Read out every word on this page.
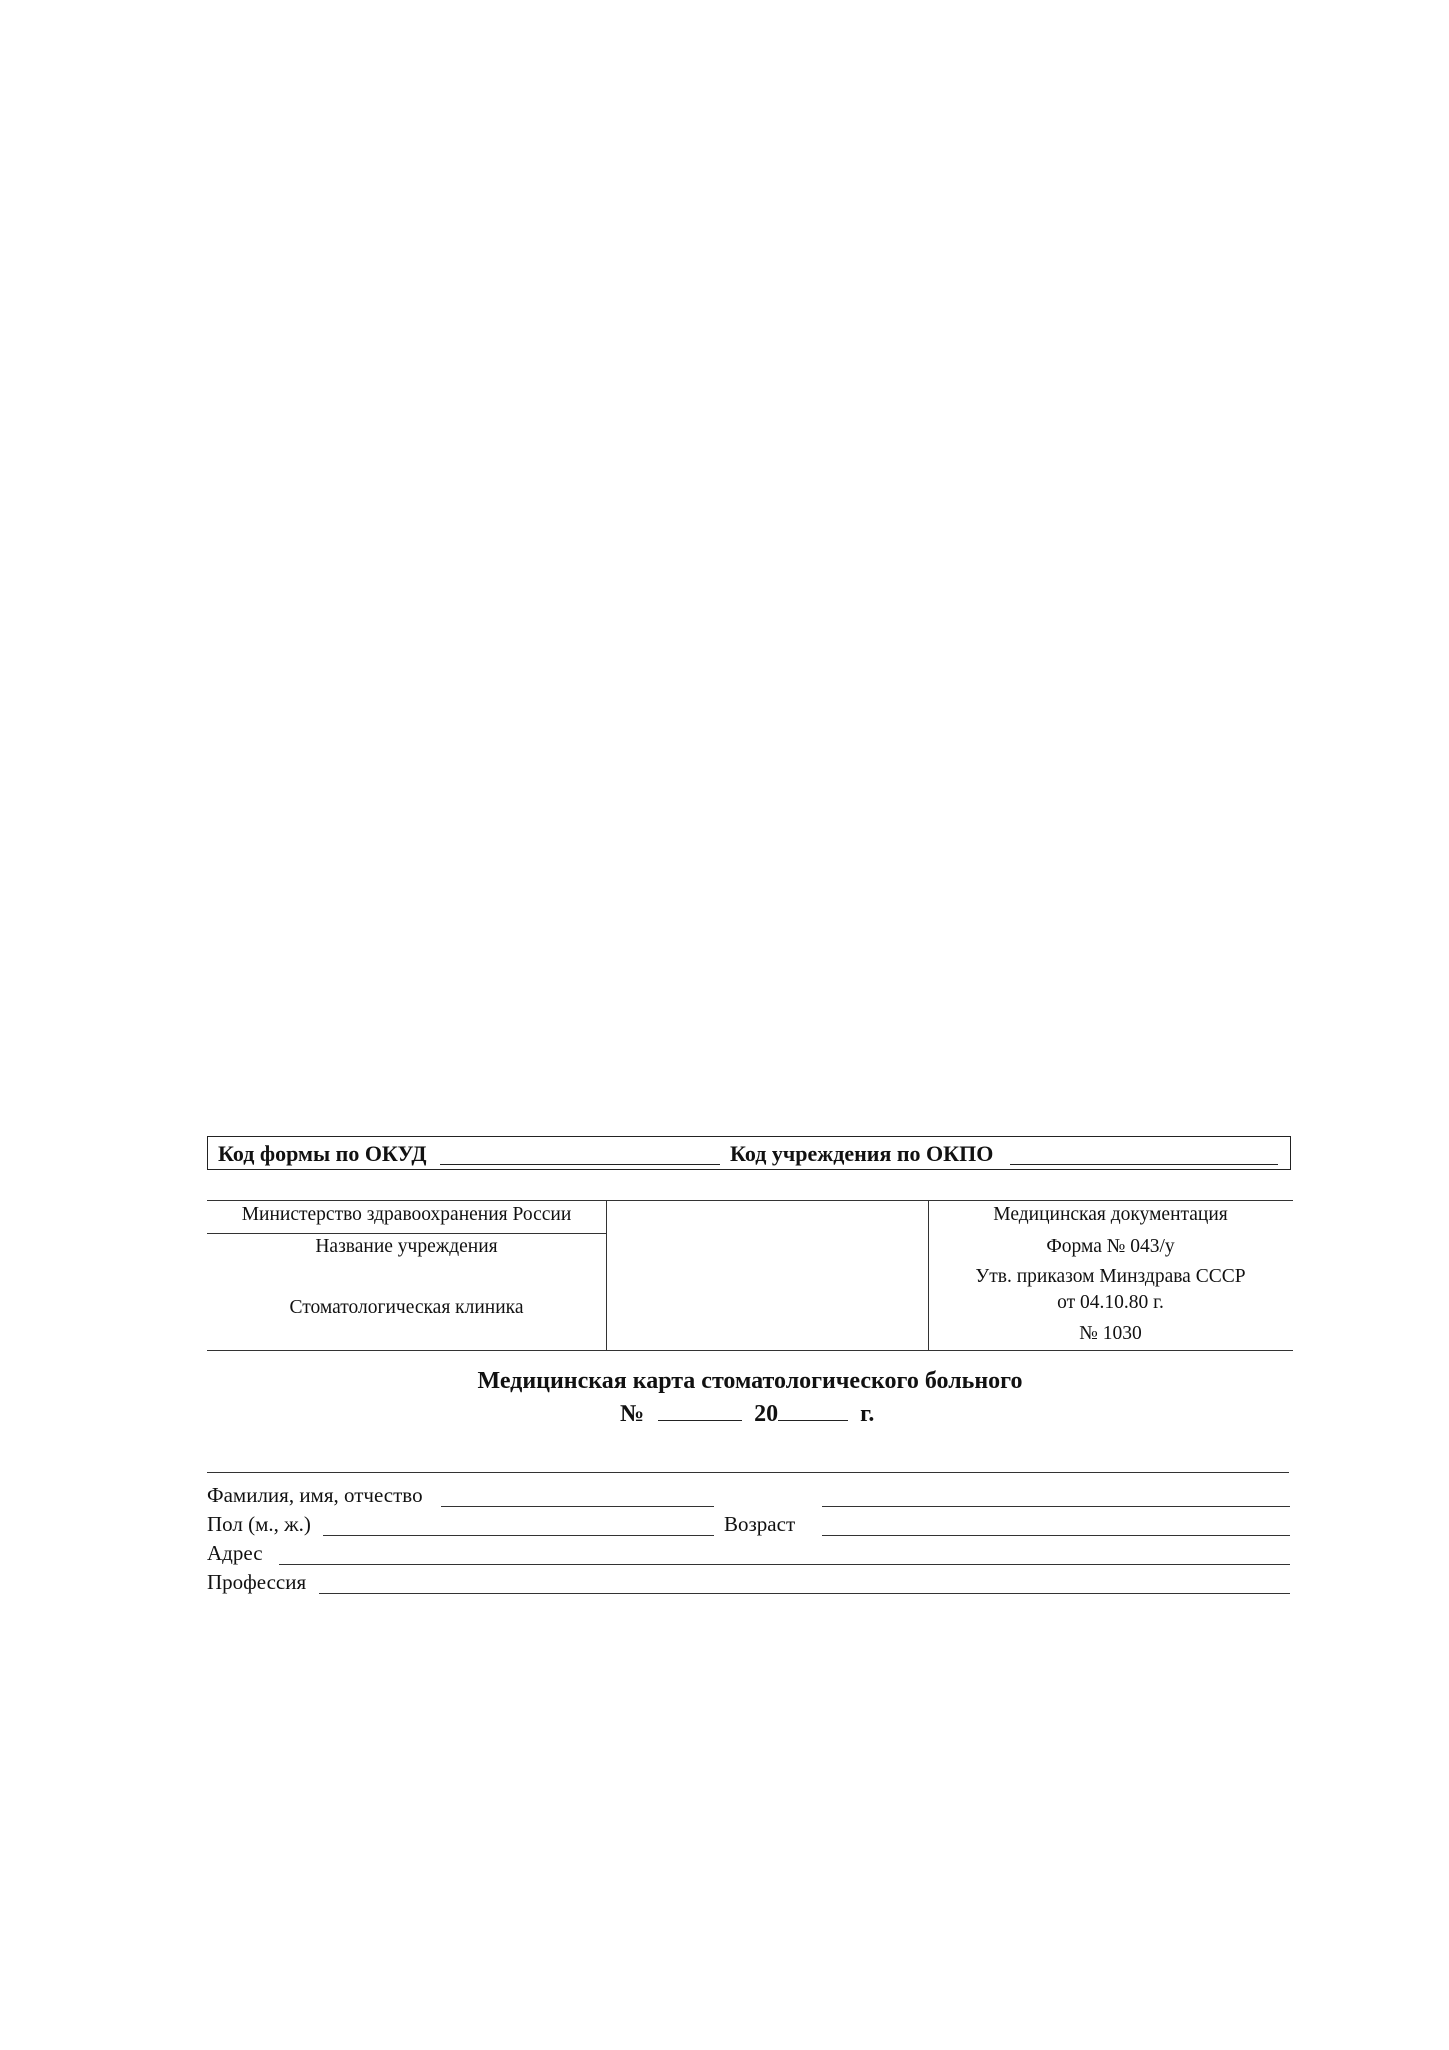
Код формы по ОКУД	Код учреждения по ОКПО
Министерство здравоохранения России
Название учреждения
Стоматологическая клиника
Медицинская документация
Форма № 043/у
Утв. приказом Минздрава СССР
от 04.10.80 г.
№ 1030
Медицинская карта стоматологического больного
№	20	г.
Фамилия, имя, отчество
Пол (м., ж.)	Возраст
Адрес
Профессия
